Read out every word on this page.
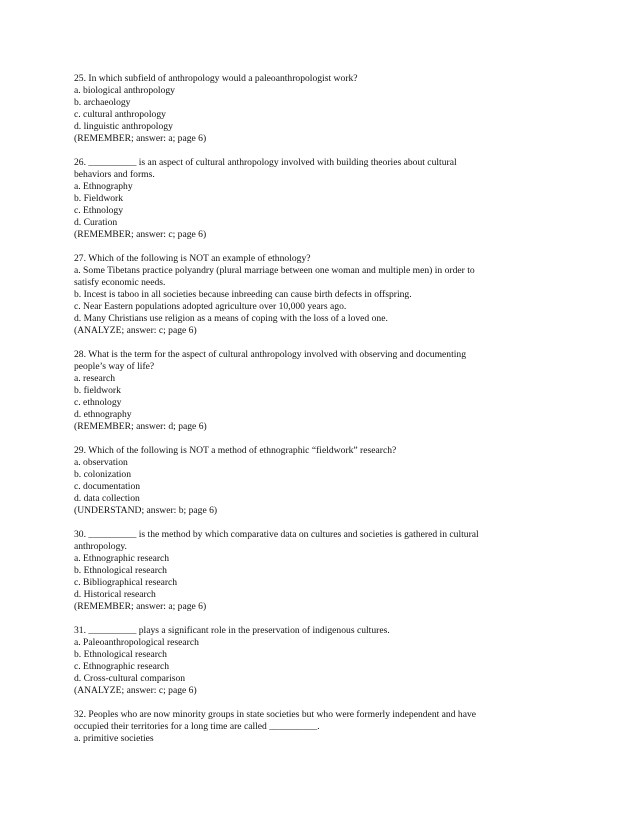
25. In which subfield of anthropology would a paleoanthropologist work?
a. biological anthropology
b. archaeology
c. cultural anthropology
d. linguistic anthropology
(REMEMBER; answer: a; page 6)
26. __________ is an aspect of cultural anthropology involved with building theories about cultural
behaviors and forms.
a. Ethnography
b. Fieldwork
c. Ethnology
d. Curation
(REMEMBER; answer: c; page 6)
27. Which of the following is NOT an example of ethnology?
a. Some Tibetans practice polyandry (plural marriage between one woman and multiple men) in order to
satisfy economic needs.
b. Incest is taboo in all societies because inbreeding can cause birth defects in offspring.
c. Near Eastern populations adopted agriculture over 10,000 years ago.
d. Many Christians use religion as a means of coping with the loss of a loved one.
(ANALYZE; answer: c; page 6)
28. What is the term for the aspect of cultural anthropology involved with observing and documenting
people’s way of life?
a. research
b. fieldwork
c. ethnology
d. ethnography
(REMEMBER; answer: d; page 6)
29. Which of the following is NOT a method of ethnographic “fieldwork” research?
a. observation
b. colonization
c. documentation
d. data collection
(UNDERSTAND; answer: b; page 6)
30. __________ is the method by which comparative data on cultures and societies is gathered in cultural
anthropology.
a. Ethnographic research
b. Ethnological research
c. Bibliographical research
d. Historical research
(REMEMBER; answer: a; page 6)
31. __________ plays a significant role in the preservation of indigenous cultures.
a. Paleoanthropological research
b. Ethnological research
c. Ethnographic research
d. Cross-cultural comparison
(ANALYZE; answer: c; page 6)
32. Peoples who are now minority groups in state societies but who were formerly independent and have
occupied their territories for a long time are called __________.
a. primitive societies
